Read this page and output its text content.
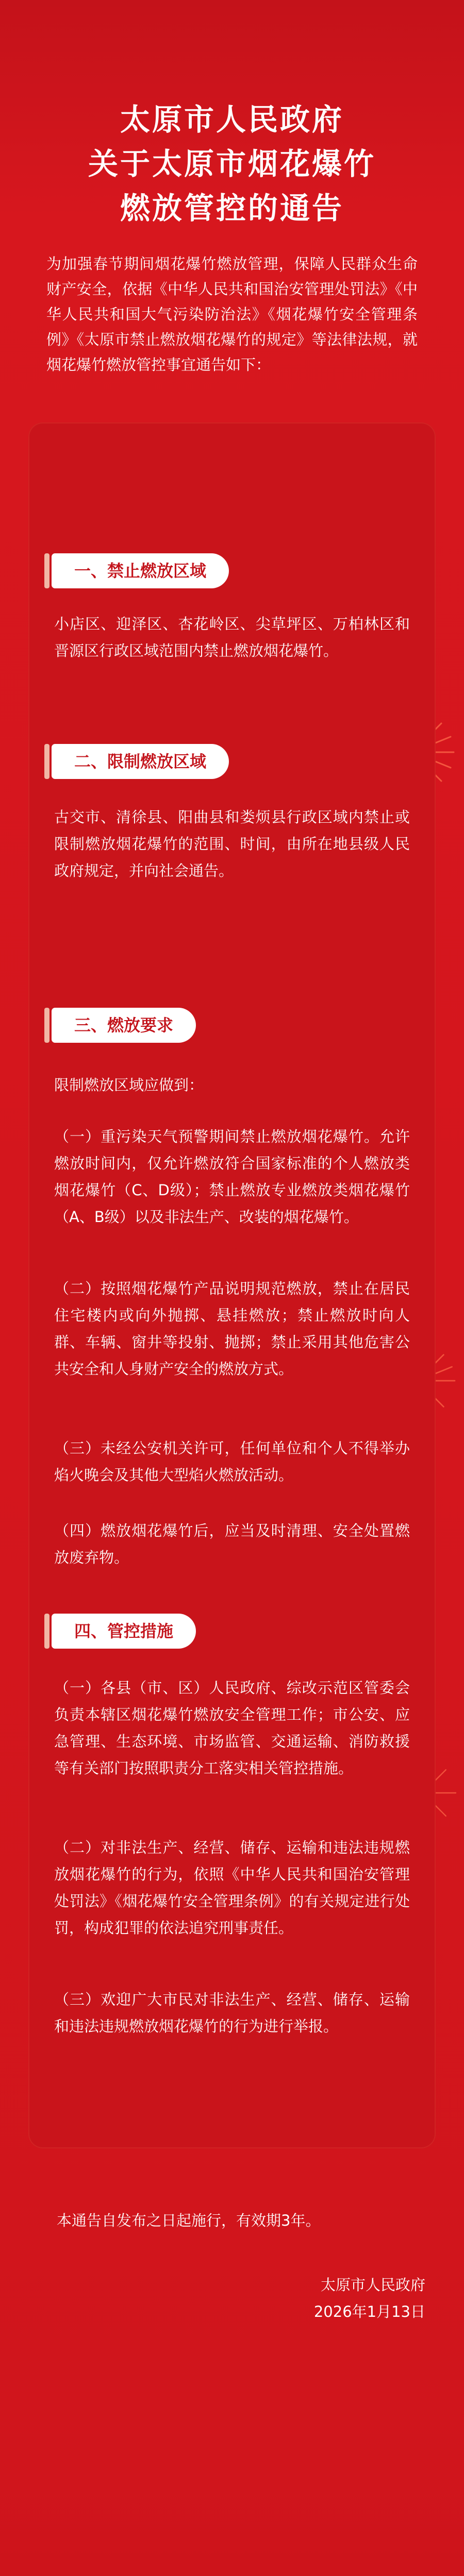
太原市人民政府
关于太原市烟花爆竹
燃放管控的通告

为加强春节期间烟花爆竹燃放管理，保障人民群众生命财产安全，依据《中华人民共和国治安管理处罚法》《中华人民共和国大气污染防治法》《烟花爆竹安全管理条例》《太原市禁止燃放烟花爆竹的规定》等法律法规，就烟花爆竹燃放管控事宜通告如下：

一、禁止燃放区域

小店区、迎泽区、杏花岭区、尖草坪区、万柏林区和晋源区行政区域范围内禁止燃放烟花爆竹。

二、限制燃放区域

古交市、清徐县、阳曲县和娄烦县行政区域内禁止或限制燃放烟花爆竹的范围、时间，由所在地县级人民政府规定，并向社会通告。

三、燃放要求

限制燃放区域应做到：

（一）重污染天气预警期间禁止燃放烟花爆竹。允许燃放时间内，仅允许燃放符合国家标准的个人燃放类烟花爆竹（C、D级）；禁止燃放专业燃放类烟花爆竹（A、B级）以及非法生产、改装的烟花爆竹。

（二）按照烟花爆竹产品说明规范燃放，禁止在居民住宅楼内或向外抛掷、悬挂燃放；禁止燃放时向人群、车辆、窗井等投射、抛掷；禁止采用其他危害公共安全和人身财产安全的燃放方式。

（三）未经公安机关许可，任何单位和个人不得举办焰火晚会及其他大型焰火燃放活动。

（四）燃放烟花爆竹后，应当及时清理、安全处置燃放废弃物。

四、管控措施

（一）各县（市、区）人民政府、综改示范区管委会负责本辖区烟花爆竹燃放安全管理工作；市公安、应急管理、生态环境、市场监管、交通运输、消防救援等有关部门按照职责分工落实相关管控措施。

（二）对非法生产、经营、储存、运输和违法违规燃放烟花爆竹的行为，依照《中华人民共和国治安管理处罚法》《烟花爆竹安全管理条例》的有关规定进行处罚，构成犯罪的依法追究刑事责任。

（三）欢迎广大市民对非法生产、经营、储存、运输和违法违规燃放烟花爆竹的行为进行举报。

本通告自发布之日起施行，有效期3年。

太原市人民政府
2026年1月13日
